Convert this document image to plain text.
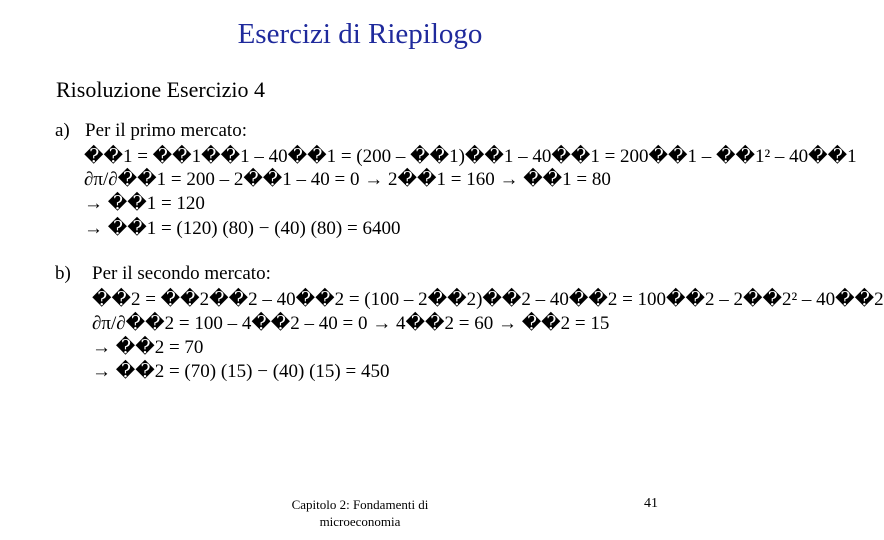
Esercizi di Riepilogo
Risoluzione Esercizio 4
a) Per il primo mercato:
��1 = ��1��1 – 40��1 = (200 – ��1)��1 – 40��1 = 200��1 – ��1² – 40��1
∂π/∂��1 = 200 – 2��1 – 40 = 0 → 2��1 = 160 → ��1 = 80
→ ��1 = 120
→ ��1 = (120) (80) − (40) (80) = 6400
b) Per il secondo mercato:
��2 = ��2��2 – 40��2 = (100 – 2��2)��2 – 40��2 = 100��2 – 2��2² – 40��2
∂π/∂��2 = 100 – 4��2 – 40 = 0 → 4��2 = 60 → ��2 = 15
→ ��2 = 70
→ ��2 = (70) (15) − (40) (15) = 450
Capitolo 2: Fondamenti di microeconomia
41
